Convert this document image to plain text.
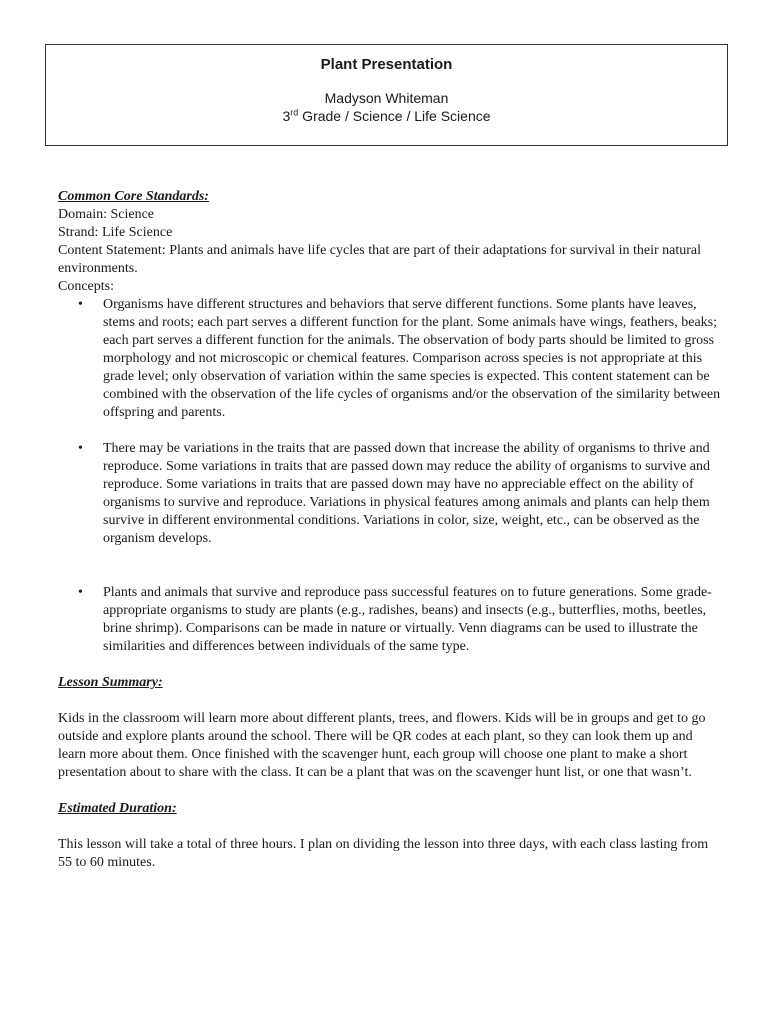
Plant Presentation
Madyson Whiteman
3rd Grade / Science / Life Science
Common Core Standards:
Domain: Science
Strand: Life Science
Content Statement: Plants and animals have life cycles that are part of their adaptations for survival in their natural environments.
Concepts:
• Organisms have different structures and behaviors that serve different functions. Some plants have leaves, stems and roots; each part serves a different function for the plant. Some animals have wings, feathers, beaks; each part serves a different function for the animals. The observation of body parts should be limited to gross morphology and not microscopic or chemical features. Comparison across species is not appropriate at this grade level; only observation of variation within the same species is expected. This content statement can be combined with the observation of the life cycles of organisms and/or the observation of the similarity between offspring and parents.
• There may be variations in the traits that are passed down that increase the ability of organisms to thrive and reproduce. Some variations in traits that are passed down may reduce the ability of organisms to survive and reproduce. Some variations in traits that are passed down may have no appreciable effect on the ability of organisms to survive and reproduce. Variations in physical features among animals and plants can help them survive in different environmental conditions. Variations in color, size, weight, etc., can be observed as the organism develops.
• Plants and animals that survive and reproduce pass successful features on to future generations. Some grade-appropriate organisms to study are plants (e.g., radishes, beans) and insects (e.g., butterflies, moths, beetles, brine shrimp). Comparisons can be made in nature or virtually. Venn diagrams can be used to illustrate the similarities and differences between individuals of the same type.
Lesson Summary:
Kids in the classroom will learn more about different plants, trees, and flowers. Kids will be in groups and get to go outside and explore plants around the school. There will be QR codes at each plant, so they can look them up and learn more about them. Once finished with the scavenger hunt, each group will choose one plant to make a short presentation about to share with the class. It can be a plant that was on the scavenger hunt list, or one that wasn’t.
Estimated Duration:
This lesson will take a total of three hours. I plan on dividing the lesson into three days, with each class lasting from 55 to 60 minutes.
